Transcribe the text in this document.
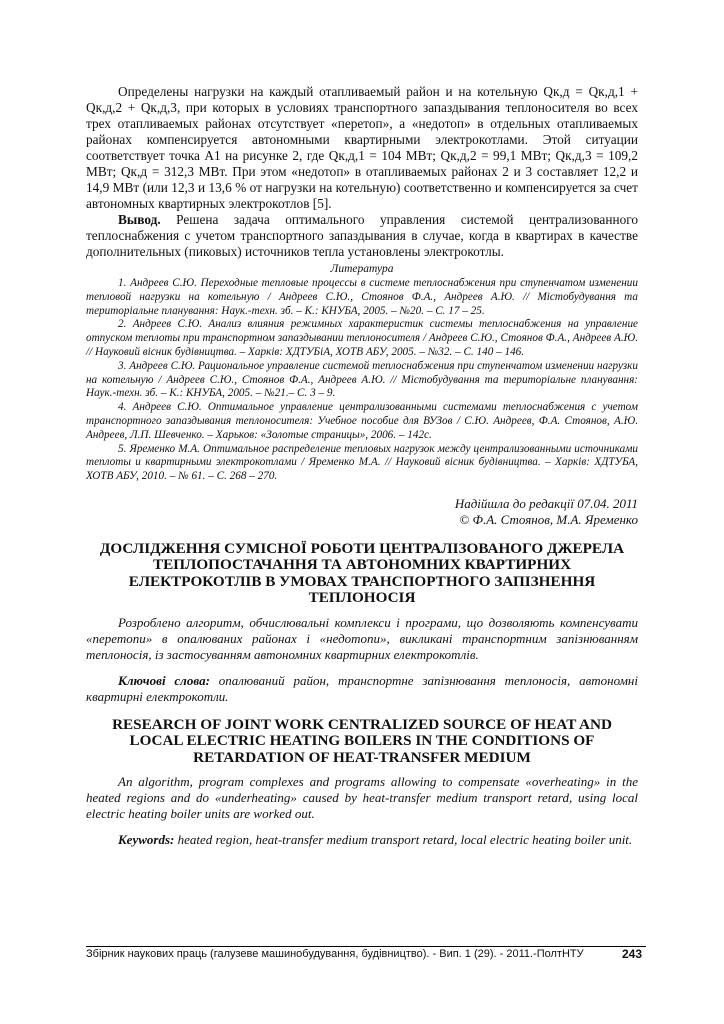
Определены нагрузки на каждый отапливаемый район и на котельную Qк,д = Qк,д,1 + Qк,д,2 + Qк,д,3, при которых в условиях транспортного запаздывания теплоносителя во всех трех отапливаемых районах отсутствует «перетоп», а «недотоп» в отдельных отапливаемых районах компенсируется автономными квартирными электрокотлами. Этой ситуации соответствует точка А1 на рисунке 2, где Qк,д,1 = 104 МВт; Qк,д,2 = 99,1 МВт; Qк,д,3 = 109,2 МВт; Qк,д = 312,3 МВт. При этом «недотоп» в отапливаемых районах 2 и 3 составляет 12,2 и 14,9 МВт (или 12,3 и 13,6 % от нагрузки на котельную) соответственно и компенсируется за счет автономных квартирных электрокотлов [5].

Вывод. Решена задача оптимального управления системой централизованного теплоснабжения с учетом транспортного запаздывания в случае, когда в квартирах в качестве дополнительных (пиковых) источников тепла установлены электрокотлы.

Литература

1. Андреев С.Ю. Переходные тепловые процессы в системе теплоснабжения при ступенчатом изменении тепловой нагрузки на котельную / Андреев С.Ю., Стоянов Ф.А., Андреев А.Ю. // Містобудування та територіальне планування: Наук.-техн. зб. – К.: КНУБА, 2005. – №20. – С. 17 – 25.

2. Андреев С.Ю. Анализ влияния режимных характеристик системы теплоснабжения на управление отпуском теплоты при транспортном запаздывании теплоносителя / Андреев С.Ю., Стоянов Ф.А., Андреев А.Ю. // Науковий вісник будівництва. – Харків: ХДТУБіА, ХОТВ АБУ, 2005. – №32. – С. 140 – 146.

3. Андреев С.Ю. Рациональное управление системой теплоснабжения при ступенчатом изменении нагрузки на котельную / Андреев С.Ю., Стоянов Ф.А., Андреев А.Ю. // Містобудування та територіальне планування: Наук.-техн. зб. – К.: КНУБА, 2005. – №21.– С. 3 – 9.

4. Андреев С.Ю. Оптимальное управление централизованными системами теплоснабжения с учетом транспортного запаздывания теплоносителя: Учебное пособие для ВУЗов / С.Ю. Андреев, Ф.А. Стоянов, А.Ю. Андреев, Л.П. Шевченко. – Харьков: «Золотые страницы», 2006. – 142с.

5. Яременко М.А. Оптимальное распределение тепловых нагрузок между централизованными источниками теплоты и квартирными электрокотлами / Яременко М.А. // Науковий вісник будівництва. – Харків: ХДТУБА, ХОТВ АБУ, 2010. – № 61. – С. 268 – 270.

Надійшла до редакції 07.04. 2011
© Ф.А. Стоянов, М.А. Яременко
ДОСЛІДЖЕННЯ СУМІСНОЇ РОБОТИ ЦЕНТРАЛІЗОВАНОГО ДЖЕРЕЛА ТЕПЛОПОСТАЧАННЯ ТА АВТОНОМНИХ КВАРТИРНИХ ЕЛЕКТРОКОТЛІВ В УМОВАХ ТРАНСПОРТНОГО ЗАПІЗНЕННЯ ТЕПЛОНОСІЯ

Розроблено алгоритм, обчислювальні комплекси і програми, що дозволяють компенсувати «перетопи» в опалюваних районах і «недотопи», викликані транспортним запізнюванням теплоносія, із застосуванням автономних квартирних електрокотлів.

Ключові слова: опалюваний район, транспортне запізнювання теплоносія, автономні квартирні електрокотли.

RESEARCH OF JOINT WORK CENTRALIZED SOURCE OF HEAT AND LOCAL ELECTRIC HEATING BOILERS IN THE CONDITIONS OF RETARDATION OF HEAT-TRANSFER MEDIUM

An algorithm, program complexes and programs allowing to compensate «overheating» in the heated regions and do «underheating» caused by heat-transfer medium transport retard, using local electric heating boiler units are worked out.

Keywords: heated region, heat-transfer medium transport retard, local electric heating boiler unit.

Збірник наукових праць (галузеве машинобудування, будівництво). - Вип. 1 (29). - 2011.-ПолтНТУ	243
